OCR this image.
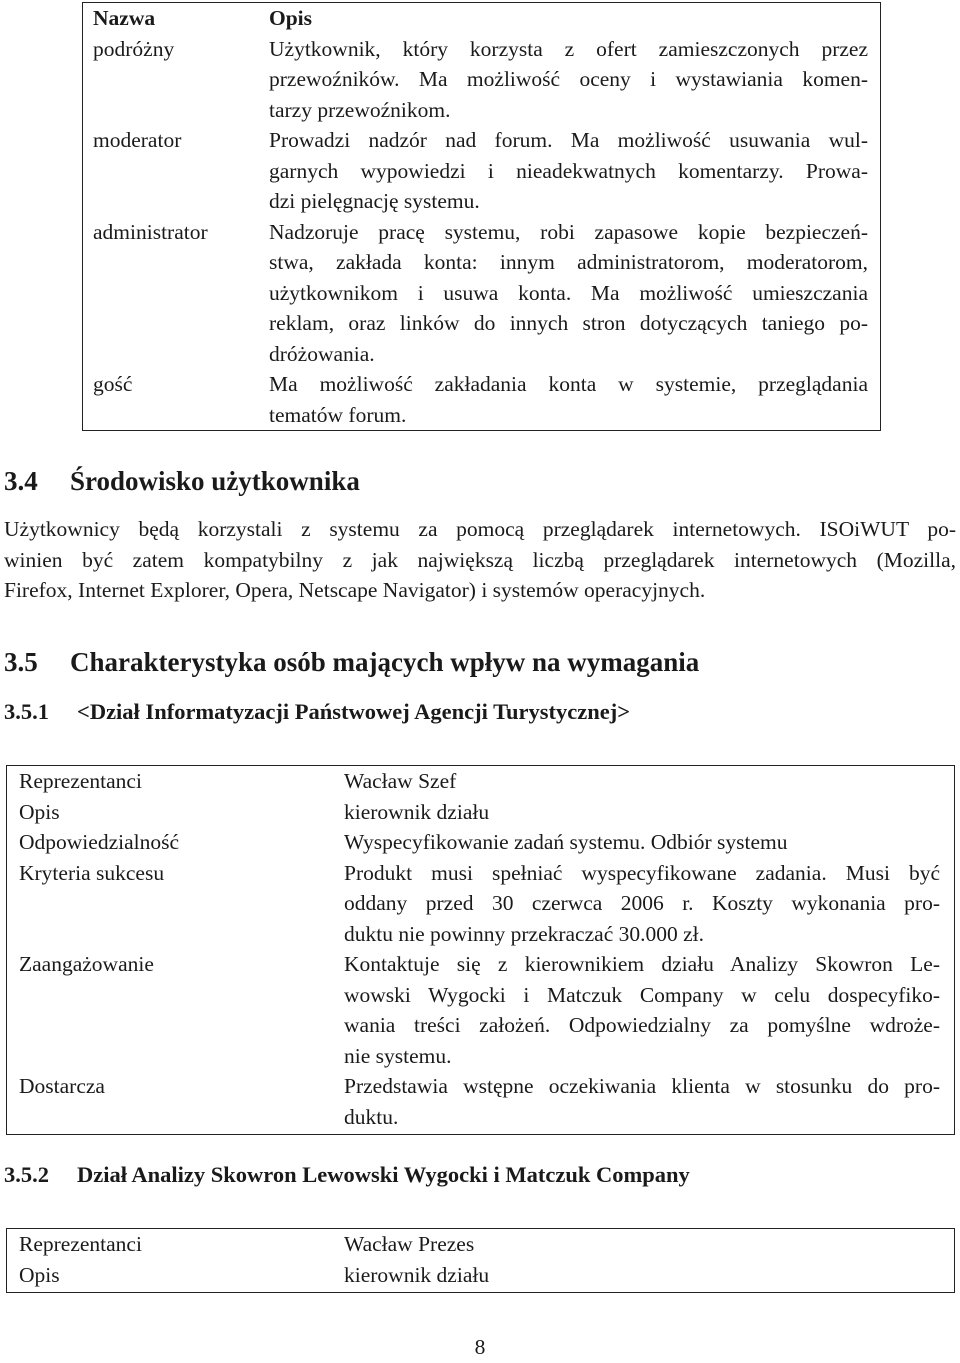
Nazwa	Opis
podróżny	Użytkownik, który korzysta z ofert zamieszczonych przez
przewoźników. Ma możliwość oceny i wystawiania komen-
tarzy przewoźnikom.

moderator	Prowadzi nadzór nad forum. Ma możliwość usuwania wul-
garnych wypowiedzi i nieadekwatnych komentarzy. Prowa-
dzi pielęgnację systemu.

administrator	Nadzoruje pracę systemu, robi zapasowe kopie bezpieczeń-
stwa, zakłada konta: innym administratorom, moderatorom,
użytkownikom i usuwa konta. Ma możliwość umieszczania
reklam, oraz linków do innych stron dotyczących taniego po-
dróżowania.

gość	Ma możliwość zakładania konta w systemie, przeglądania
tematów forum.
3.4 Środowisko użytkownika
Użytkownicy będą korzystali z systemu za pomocą przeglądarek internetowych. ISOiWUT po-
winien być zatem kompatybilny z jak największą liczbą przeglądarek internetowych (Mozilla,
Firefox, Internet Explorer, Opera, Netscape Navigator) i systemów operacyjnych.
3.5 Charakterystyka osób mających wpływ na wymagania
3.5.1 <Dział Informatyzacji Państwowej Agencji Turystycznej>
Reprezentanci	Wacław Szef

Opis	kierownik działu

Odpowiedzialność	Wyspecyfikowanie zadań systemu. Odbiór systemu

Kryteria sukcesu	Produkt musi spełniać wyspecyfikowane zadania. Musi być
oddany przed 30 czerwca 2006 r. Koszty wykonania pro-
duktu nie powinny przekraczać 30.000 zł.

Zaangażowanie	Kontaktuje się z kierownikiem działu Analizy Skowron Le-
wowski Wygocki i Matczuk Company w celu dospecyfiko-
wania treści założeń. Odpowiedzialny za pomyślne wdroże-
nie systemu.

Dostarcza	Przedstawia wstępne oczekiwania klienta w stosunku do pro-
duktu.
3.5.2 Dział Analizy Skowron Lewowski Wygocki i Matczuk Company
Reprezentanci	Wacław Prezes

Opis	kierownik działu
8
